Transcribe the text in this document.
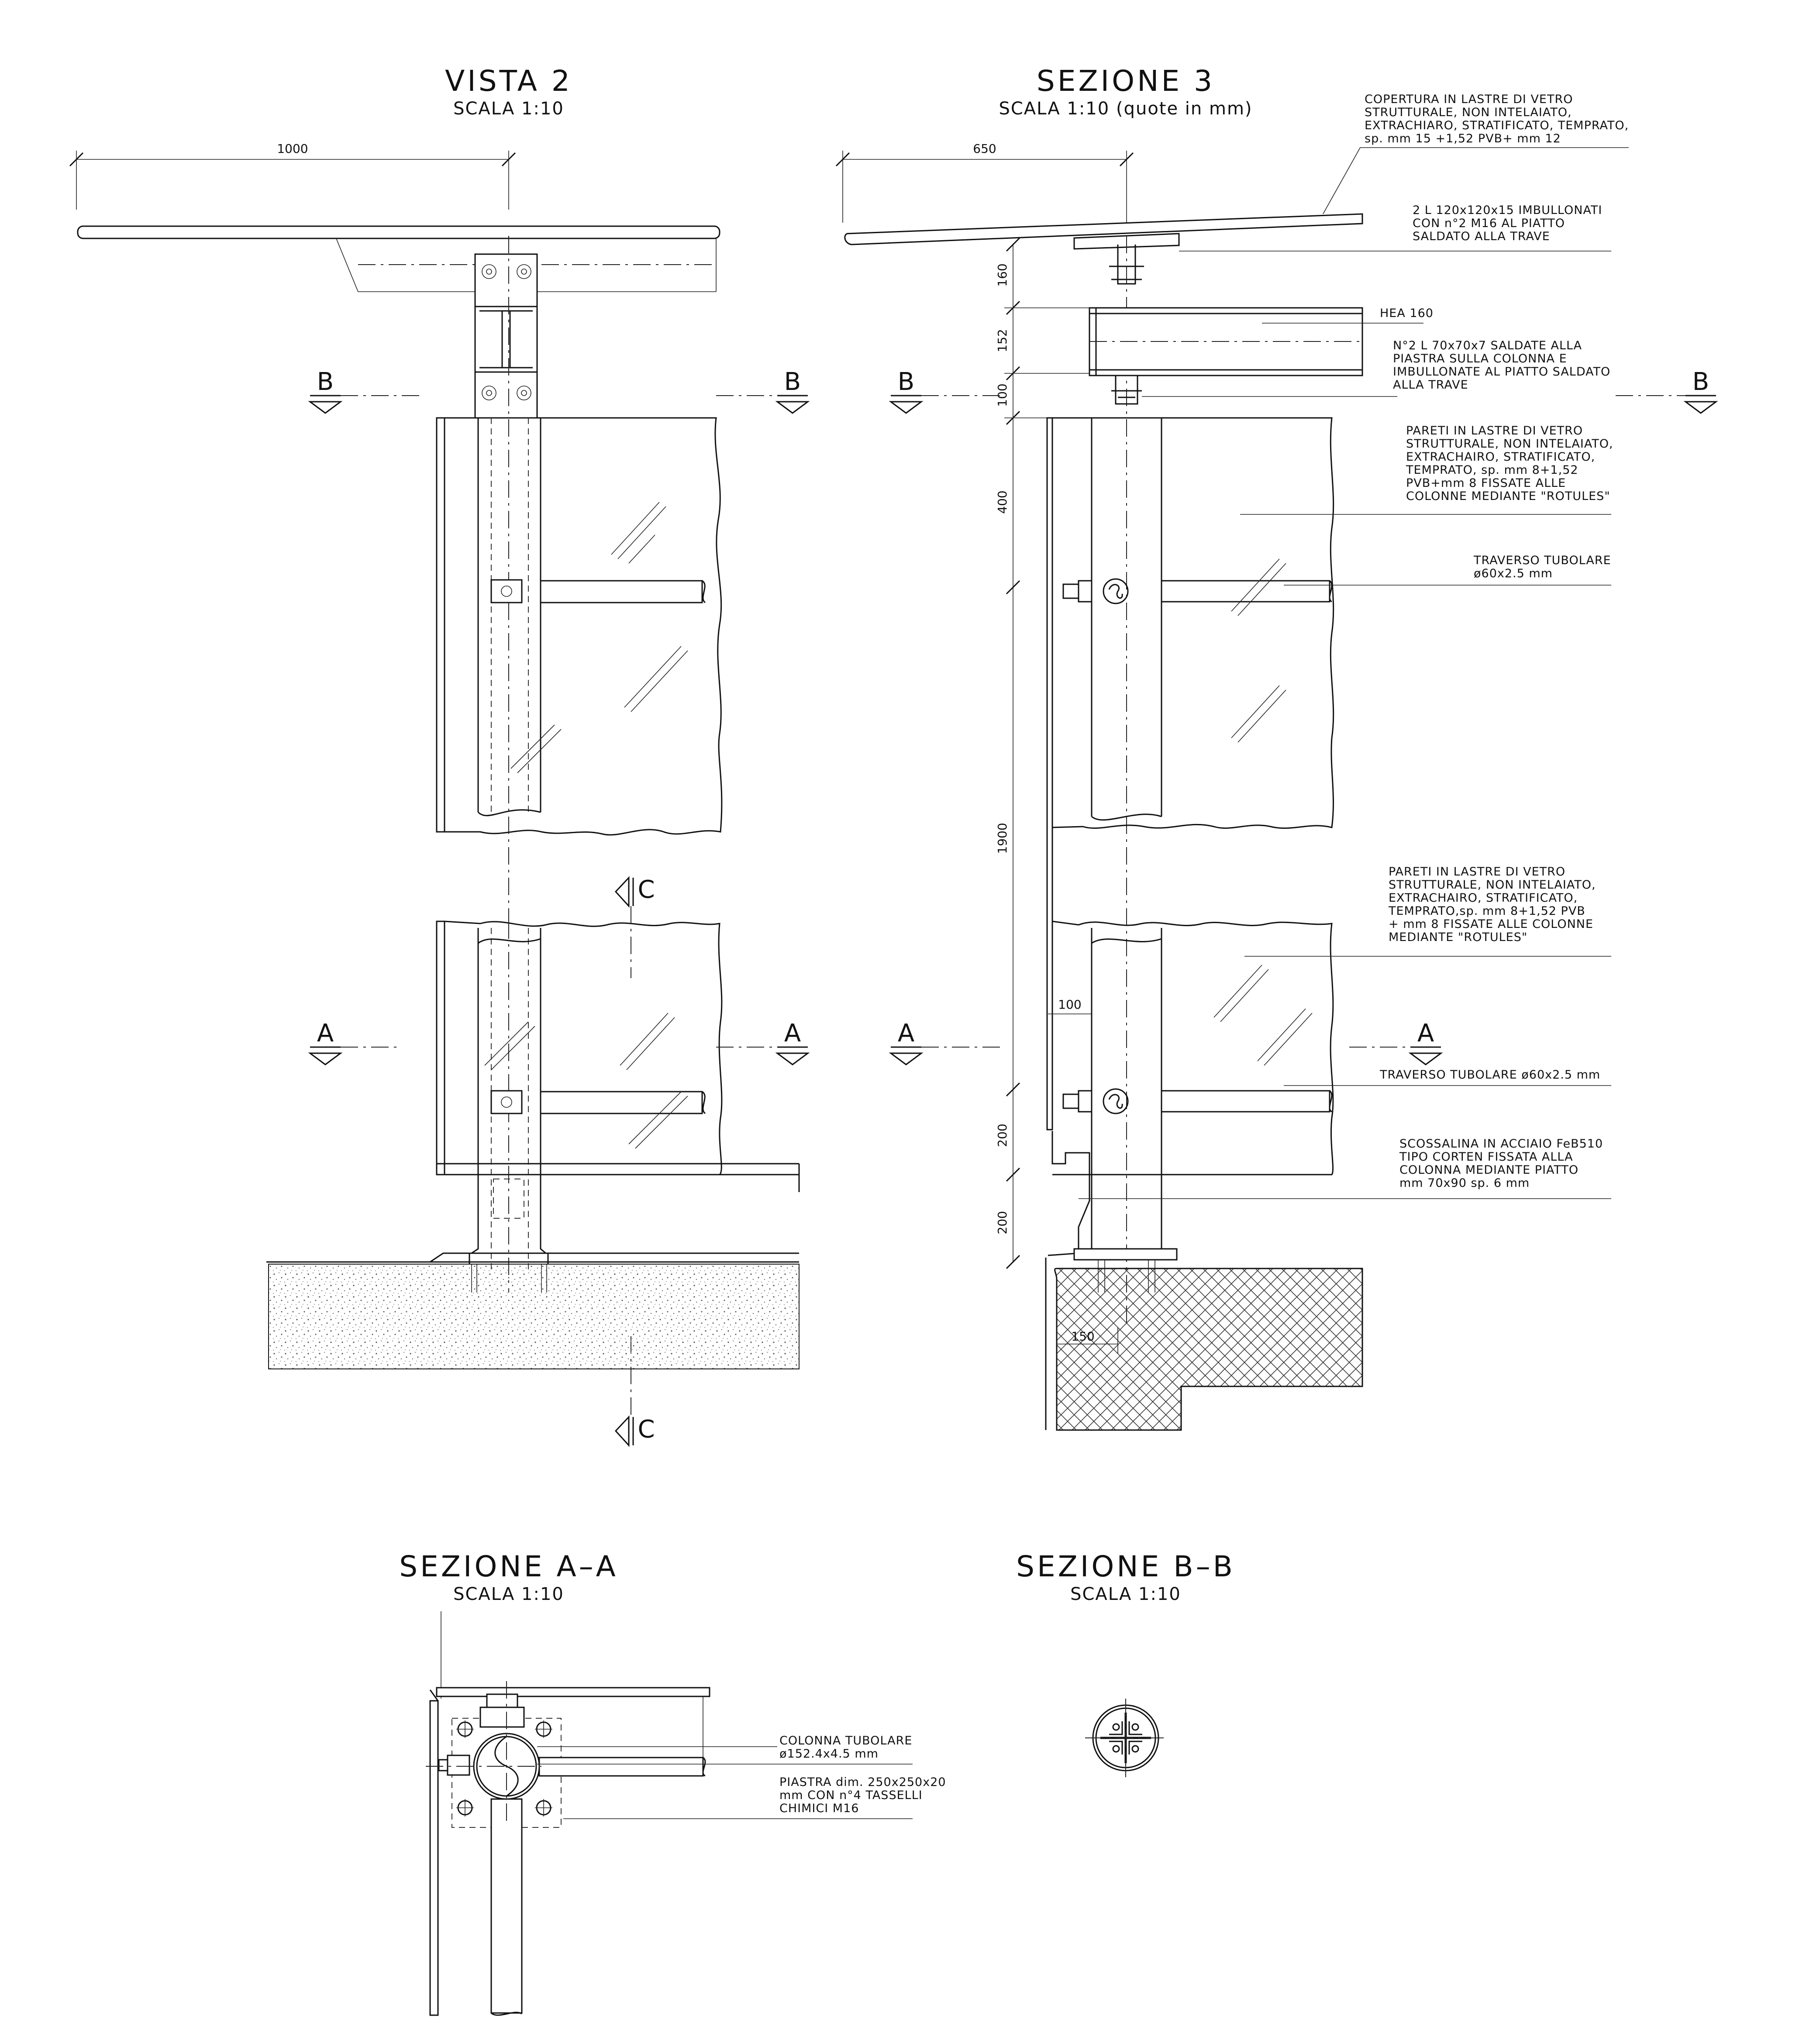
VISTA 2
SCALA 1:10
SEZIONE 3
SCALA 1:10 (quote in mm)
SEZIONE A–A
SCALA 1:10
SEZIONE B–B
SCALA 1:10
1000
B	B
C
C
A	A
650
160
152
100
400
1900
200
200
100
B	B
A	A
150
COPERTURA IN LASTRE DI VETRO
STRUTTURALE, NON INTELAIATO,
EXTRACHIARO, STRATIFICATO, TEMPRATO,
sp. mm 15 +1,52 PVB+ mm 12
2 L 120x120x15 IMBULLONATI
CON n°2 M16 AL PIATTO
SALDATO ALLA TRAVE
HEA 160
N°2 L 70x70x7 SALDATE ALLA
PIASTRA SULLA COLONNA E
IMBULLONATE AL PIATTO SALDATO
ALLA TRAVE
PARETI IN LASTRE DI VETRO
STRUTTURALE, NON INTELAIATO,
EXTRACHAIRO, STRATIFICATO,
TEMPRATO, sp. mm 8+1,52
PVB+mm 8 FISSATE ALLE
COLONNE MEDIANTE "ROTULES"
TRAVERSO TUBOLARE
ø60x2.5 mm
PARETI IN LASTRE DI VETRO
STRUTTURALE, NON INTELAIATO,
EXTRACHAIRO, STRATIFICATO,
TEMPRATO,sp. mm 8+1,52 PVB
+ mm 8 FISSATE ALLE COLONNE
MEDIANTE "ROTULES"
TRAVERSO TUBOLARE ø60x2.5 mm
SCOSSALINA IN ACCIAIO FeB510
TIPO CORTEN FISSATA ALLA
COLONNA MEDIANTE PIATTO
mm 70x90 sp. 6 mm
COLONNA TUBOLARE
ø152.4x4.5 mm
PIASTRA dim. 250x250x20
mm CON n°4 TASSELLI
CHIMICI M16
